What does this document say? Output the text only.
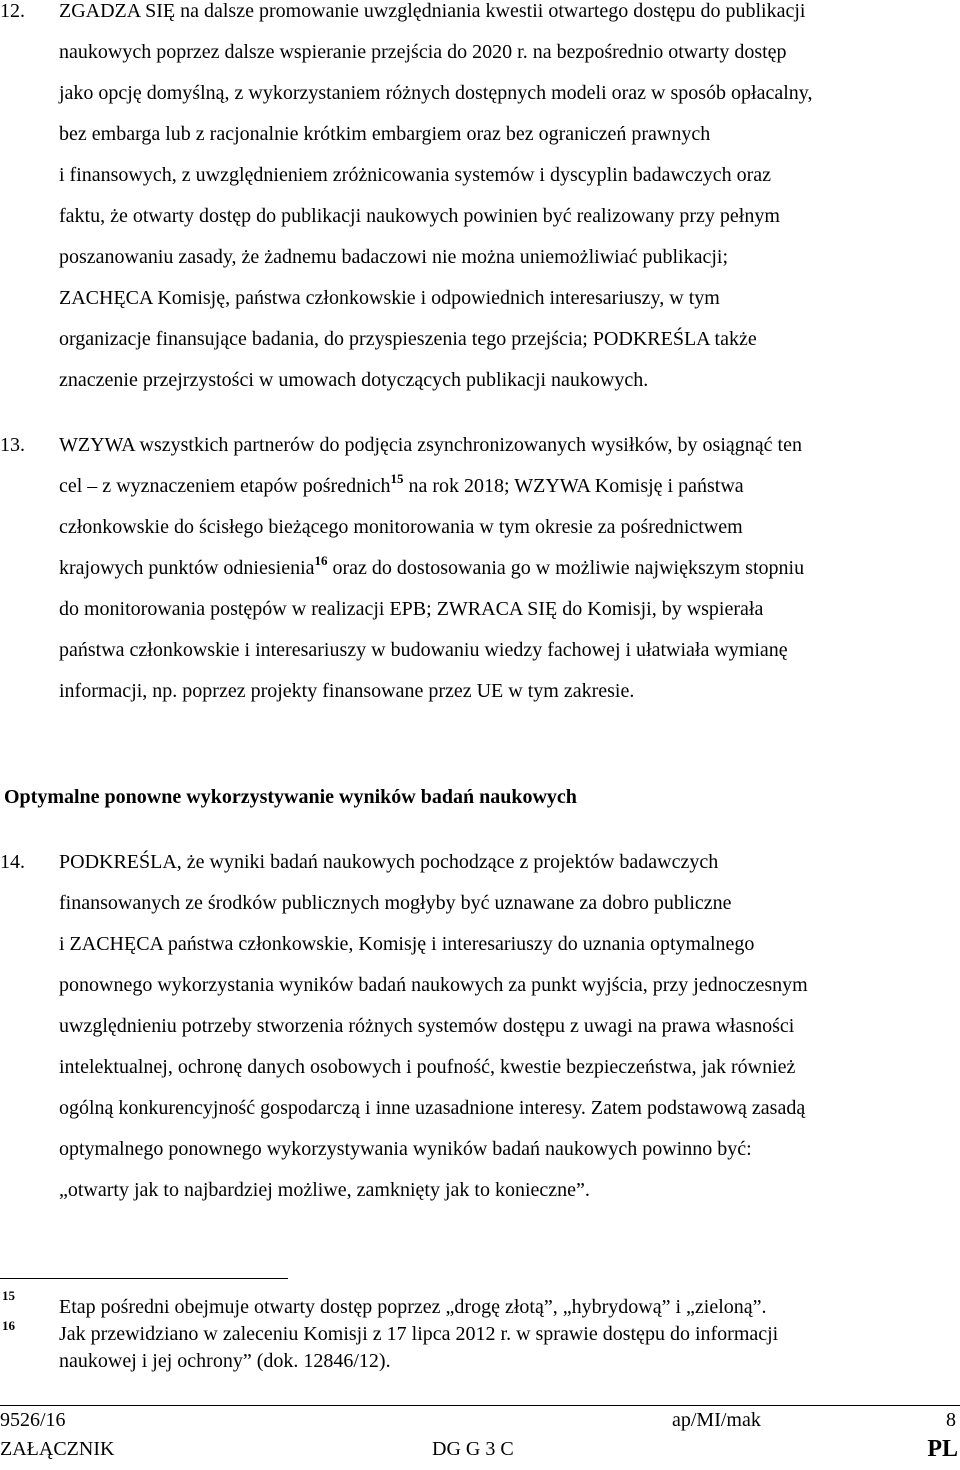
12. ZGADZA SIĘ na dalsze promowanie uwzględniania kwestii otwartego dostępu do publikacji
naukowych poprzez dalsze wspieranie przejścia do 2020 r. na bezpośrednio otwarty dostęp
jako opcję domyślną, z wykorzystaniem różnych dostępnych modeli oraz w sposób opłacalny,
bez embarga lub z racjonalnie krótkim embargiem oraz bez ograniczeń prawnych
i finansowych, z uwzględnieniem zróżnicowania systemów i dyscyplin badawczych oraz
faktu, że otwarty dostęp do publikacji naukowych powinien być realizowany przy pełnym
poszanowaniu zasady, że żadnemu badaczowi nie można uniemożliwiać publikacji;
ZACHĘCA Komisję, państwa członkowskie i odpowiednich interesariuszy, w tym
organizacje finansujące badania, do przyspieszenia tego przejścia; PODKREŚLA także
znaczenie przejrzystości w umowach dotyczących publikacji naukowych.
13. WZYWA wszystkich partnerów do podjęcia zsynchronizowanych wysiłków, by osiągnąć ten
cel – z wyznaczeniem etapów pośrednich$^{15}$ na rok 2018; WZYWA Komisję i państwa
członkowskie do ścisłego bieżącego monitorowania w tym okresie za pośrednictwem
krajowych punktów odniesienia$^{16}$ oraz do dostosowania go w możliwie największym stopniu
do monitorowania postępów w realizacji EPB; ZWRACA SIĘ do Komisji, by wspierała
państwa członkowskie i interesariuszy w budowaniu wiedzy fachowej i ułatwiała wymianę
informacji, np. poprzez projekty finansowane przez UE w tym zakresie.
Optymalne ponowne wykorzystywanie wyników badań naukowych
14. PODKREŚLA, że wyniki badań naukowych pochodzące z projektów badawczych
finansowanych ze środków publicznych mogłyby być uznawane za dobro publiczne
i ZACHĘCA państwa członkowskie, Komisję i interesariuszy do uznania optymalnego
ponownego wykorzystania wyników badań naukowych za punkt wyjścia, przy jednoczesnym
uwzględnieniu potrzeby stworzenia różnych systemów dostępu z uwagi na prawa własności
intelektualnej, ochronę danych osobowych i poufność, kwestie bezpieczeństwa, jak również
ogólną konkurencyjność gospodarczą i inne uzasadnione interesy. Zatem podstawową zasadą
optymalnego ponownego wykorzystywania wyników badań naukowych powinno być:
„otwarty jak to najbardziej możliwe, zamknięty jak to konieczne”.
15
Etap pośredni obejmuje otwarty dostęp poprzez „drogę złotą”, „hybrydową” i „zieloną”.
16 Jak przewidziano w zaleceniu Komisji z 17 lipca 2012 r. w sprawie dostępu do informacji
naukowej i jej ochrony” (dok. 12846/12).
9526/16	ap/MI/mak	8
ZAŁĄCZNIK	DG G 3 C	PL
